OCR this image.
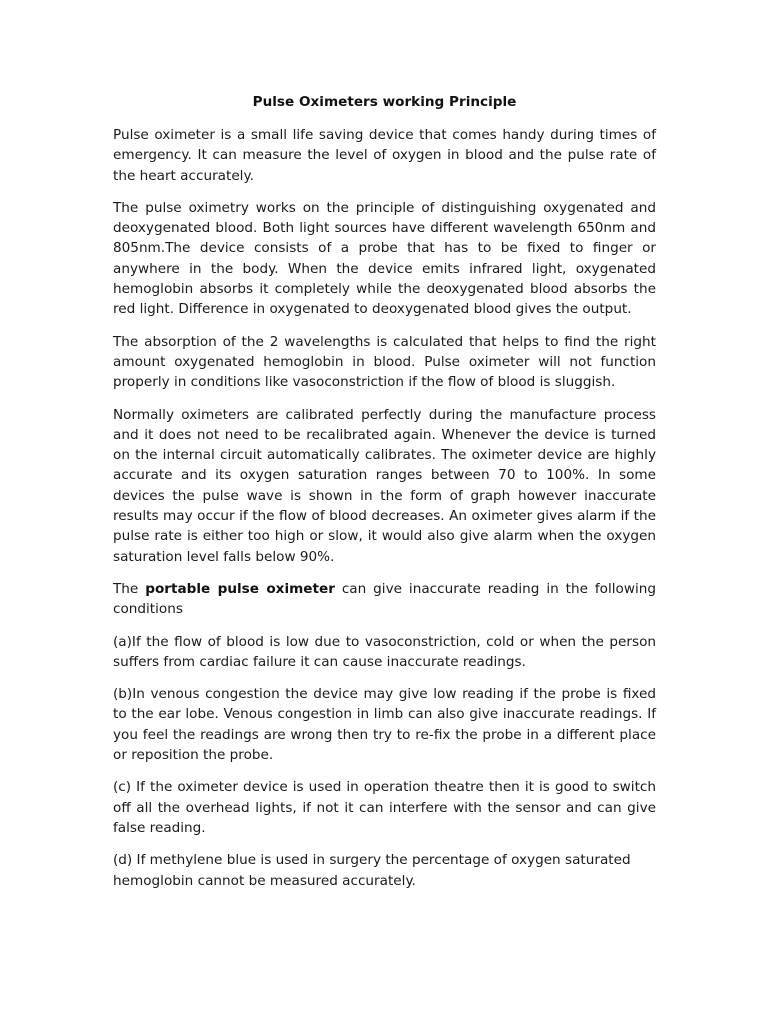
Pulse Oximeters working Principle

Pulse oximeter is a small life saving device that comes handy during times of emergency. It can measure the level of oxygen in blood and the pulse rate of the heart accurately.

The pulse oximetry works on the principle of distinguishing oxygenated and deoxygenated blood. Both light sources have different wavelength 650nm and 805nm.The device consists of a probe that has to be fixed to finger or anywhere in the body. When the device emits infrared light, oxygenated hemoglobin absorbs it completely while the deoxygenated blood absorbs the red light. Difference in oxygenated to deoxygenated blood gives the output.

The absorption of the 2 wavelengths is calculated that helps to find the right amount oxygenated hemoglobin in blood. Pulse oximeter will not function properly in conditions like vasoconstriction if the flow of blood is sluggish.

Normally oximeters are calibrated perfectly during the manufacture process and it does not need to be recalibrated again. Whenever the device is turned on the internal circuit automatically calibrates. The oximeter device are highly accurate and its oxygen saturation ranges between 70 to 100%. In some devices the pulse wave is shown in the form of graph however inaccurate results may occur if the flow of blood decreases. An oximeter gives alarm if the pulse rate is either too high or slow, it would also give alarm when the oxygen saturation level falls below 90%.

The portable pulse oximeter can give inaccurate reading in the following conditions

(a)If the flow of blood is low due to vasoconstriction, cold or when the person suffers from cardiac failure it can cause inaccurate readings.

(b)In venous congestion the device may give low reading if the probe is fixed to the ear lobe. Venous congestion in limb can also give inaccurate readings. If you feel the readings are wrong then try to re-fix the probe in a different place or reposition the probe.

(c) If the oximeter device is used in operation theatre then it is good to switch off all the overhead lights, if not it can interfere with the sensor and can give false reading.

(d) If methylene blue is used in surgery the percentage of oxygen saturated hemoglobin cannot be measured accurately.
